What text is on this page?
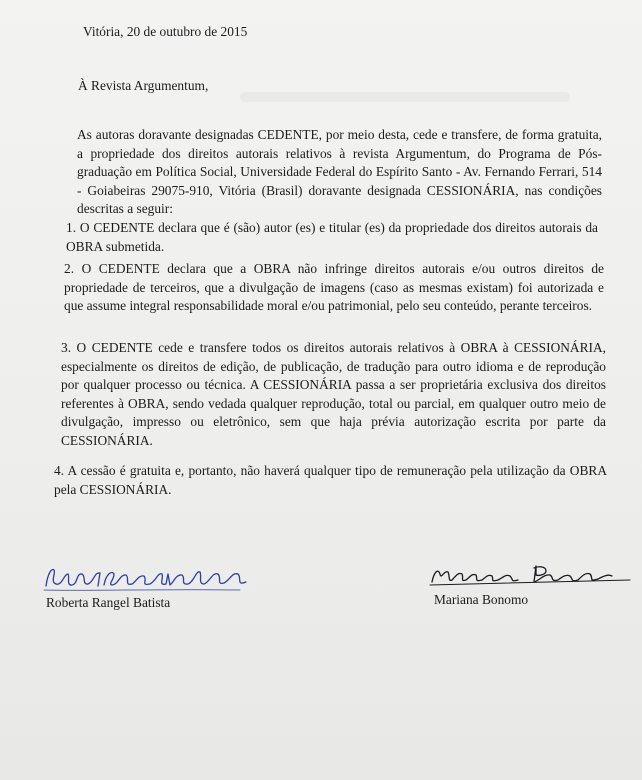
Vitória, 20 de outubro de 2015
À Revista Argumentum,
As autoras doravante designadas CEDENTE, por meio desta, cede e transfere, de forma gratuita, a propriedade dos direitos autorais relativos à revista Argumentum, do Programa de Pós-graduação em Política Social, Universidade Federal do Espírito Santo - Av. Fernando Ferrari, 514 - Goiabeiras 29075-910, Vitória (Brasil) doravante designada CESSIONÁRIA, nas condições descritas a seguir:
1. O CEDENTE declara que é (são) autor (es) e titular (es) da propriedade dos direitos autorais da OBRA submetida.
2. O CEDENTE declara que a OBRA não infringe direitos autorais e/ou outros direitos de propriedade de terceiros, que a divulgação de imagens (caso as mesmas existam) foi autorizada e que assume integral responsabilidade moral e/ou patrimonial, pelo seu conteúdo, perante terceiros.
3. O CEDENTE cede e transfere todos os direitos autorais relativos à OBRA à CESSIONÁRIA, especialmente os direitos de edição, de publicação, de tradução para outro idioma e de reprodução por qualquer processo ou técnica. A CESSIONÁRIA passa a ser proprietária exclusiva dos direitos referentes à OBRA, sendo vedada qualquer reprodução, total ou parcial, em qualquer outro meio de divulgação, impresso ou eletrônico, sem que haja prévia autorização escrita por parte da CESSIONÁRIA.
4. A cessão é gratuita e, portanto, não haverá qualquer tipo de remuneração pela utilização da OBRA pela CESSIONÁRIA.
Roberta Rangel Batista	Mariana Bonomo
